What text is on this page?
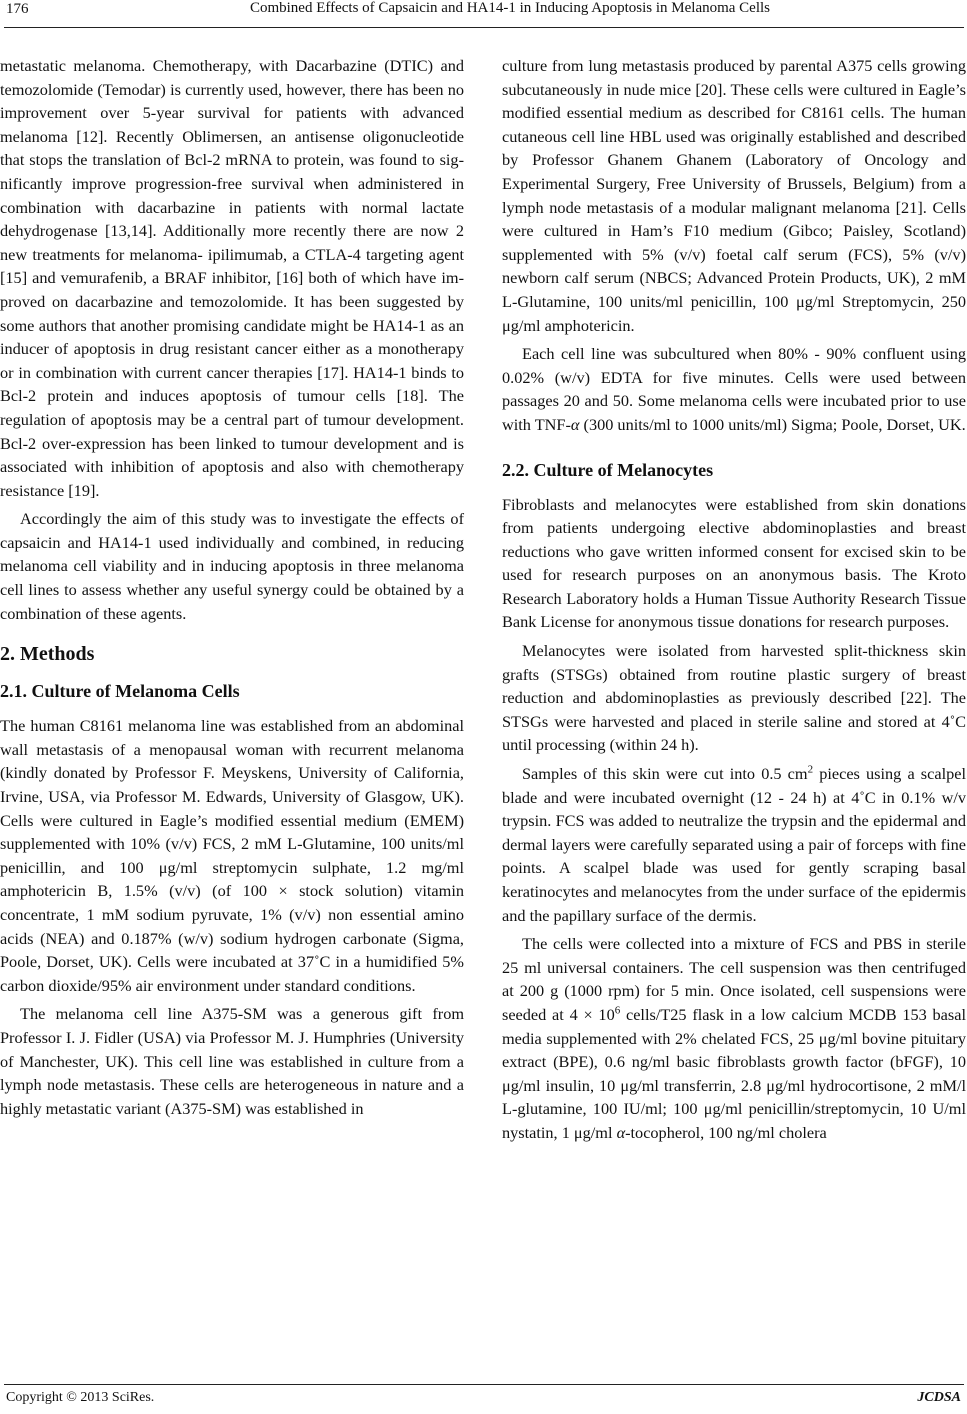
176	Combined Effects of Capsaicin and HA14-1 in Inducing Apoptosis in Melanoma Cells

metastatic melanoma. Chemotherapy, with Dacarbazine (DTIC) and temozolomide (Temodar) is currently used, however, there has been no improvement over 5-year survival for patients with advanced melanoma [12]. Recently Oblimersen, an antisense oligonucleotide that stops the translation of Bcl-2 mRNA to protein, was found to significantly improve progression-free survival when administered in combination with dacarbazine in patients with normal lactate dehydrogenase [13,14]. Additionally more recently there are now 2 new treatments for melanoma- ipilimumab, a CTLA-4 targeting agent [15] and vemurafenib, a BRAF inhibitor, [16] both of which have improved on dacarbazine and temozolomide. It has been suggested by some authors that another promising candidate might be HA14-1 as an inducer of apoptosis in drug resistant cancer either as a monotherapy or in combination with current cancer therapies [17]. HA14-1 binds to Bcl-2 protein and induces apoptosis of tumour cells [18]. The regulation of apoptosis may be a central part of tumour development. Bcl-2 over-expression has been linked to tumour development and is associated with inhibition of apoptosis and also with chemotherapy resistance [19].

Accordingly the aim of this study was to investigate the effects of capsaicin and HA14-1 used individually and combined, in reducing melanoma cell viability and in inducing apoptosis in three melanoma cell lines to assess whether any useful synergy could be obtained by a combination of these agents.

2. Methods
2.1. Culture of Melanoma Cells

The human C8161 melanoma line was established from an abdominal wall metastasis of a menopausal woman with recurrent melanoma (kindly donated by Professor F. Meyskens, University of California, Irvine, USA, via Professor M. Edwards, University of Glasgow, UK). Cells were cultured in Eagle’s modified essential medium (EMEM) supplemented with 10% (v/v) FCS, 2 mM L-Glutamine, 100 units/ml penicillin, and 100 μg/ml streptomycin sulphate, 1.2 mg/ml amphotericin B, 1.5% (v/v) (of 100 × stock solution) vitamin concentrate, 1 mM sodium pyruvate, 1% (v/v) non essential amino acids (NEA) and 0.187% (w/v) sodium hydrogen carbonate (Sigma, Poole, Dorset, UK). Cells were incubated at 37˚C in a humidified 5% carbon dioxide/95% air environment under standard conditions.

The melanoma cell line A375-SM was a generous gift from Professor I. J. Fidler (USA) via Professor M. J. Humphries (University of Manchester, UK). This cell line was established in culture from a lymph node metastasis. These cells are heterogeneous in nature and a highly metastatic variant (A375-SM) was established in

culture from lung metastasis produced by parental A375 cells growing subcutaneously in nude mice [20]. These cells were cultured in Eagle’s modified essential medium as described for C8161 cells. The human cutaneous cell line HBL used was originally established and described by Professor Ghanem Ghanem (Laboratory of Oncology and Experimental Surgery, Free University of Brussels, Belgium) from a lymph node metastasis of a modular malignant melanoma [21]. Cells were cultured in Ham’s F10 medium (Gibco; Paisley, Scotland) supplemented with 5% (v/v) foetal calf serum (FCS), 5% (v/v) newborn calf serum (NBCS; Advanced Protein Products, UK), 2 mM L-Glutamine, 100 units/ml penicillin, 100 μg/ml Streptomycin, 250 μg/ml amphotericin.

Each cell line was subcultured when 80% - 90% confluent using 0.02% (w/v) EDTA for five minutes. Cells were used between passages 20 and 50. Some melanoma cells were incubated prior to use with TNF-α (300 units/ml to 1000 units/ml) Sigma; Poole, Dorset, UK.

2.2. Culture of Melanocytes

Fibroblasts and melanocytes were established from skin donations from patients undergoing elective abdominoplasties and breast reductions who gave written informed consent for excised skin to be used for research purposes on an anonymous basis. The Kroto Research Laboratory holds a Human Tissue Authority Research Tissue Bank License for anonymous tissue donations for research purposes.

Melanocytes were isolated from harvested split-thickness skin grafts (STSGs) obtained from routine plastic surgery of breast reduction and abdominoplasties as previously described [22]. The STSGs were harvested and placed in sterile saline and stored at 4˚C until processing (within 24 h).

Samples of this skin were cut into 0.5 $cm^2$ pieces using a scalpel blade and were incubated overnight (12 - 24 h) at 4˚C in 0.1% w/v trypsin. FCS was added to neutralize the trypsin and the epidermal and dermal layers were carefully separated using a pair of forceps with fine points. A scalpel blade was used for gently scraping basal keratinocytes and melanocytes from the under surface of the epidermis and the papillary surface of the dermis.

The cells were collected into a mixture of FCS and PBS in sterile 25 ml universal containers. The cell suspension was then centrifuged at 200 g (1000 rpm) for 5 min. Once isolated, cell suspensions were seeded at $4 \times 10^6$ cells/T25 flask in a low calcium MCDB 153 basal media supplemented with 2% chelated FCS, 25 μg/ml bovine pituitary extract (BPE), 0.6 ng/ml basic fibroblasts growth factor (bFGF), 10 μg/ml insulin, 10 μg/ml transferrin, 2.8 μg/ml hydrocortisone, 2 mM/l L-glutamine, 100 IU/ml; 100 μg/ml penicillin/streptomycin, 10 U/ml nystatin, 1 μg/ml α-tocopherol, 100 ng/ml cholera

Copyright © 2013 SciRes.	JCDSA
